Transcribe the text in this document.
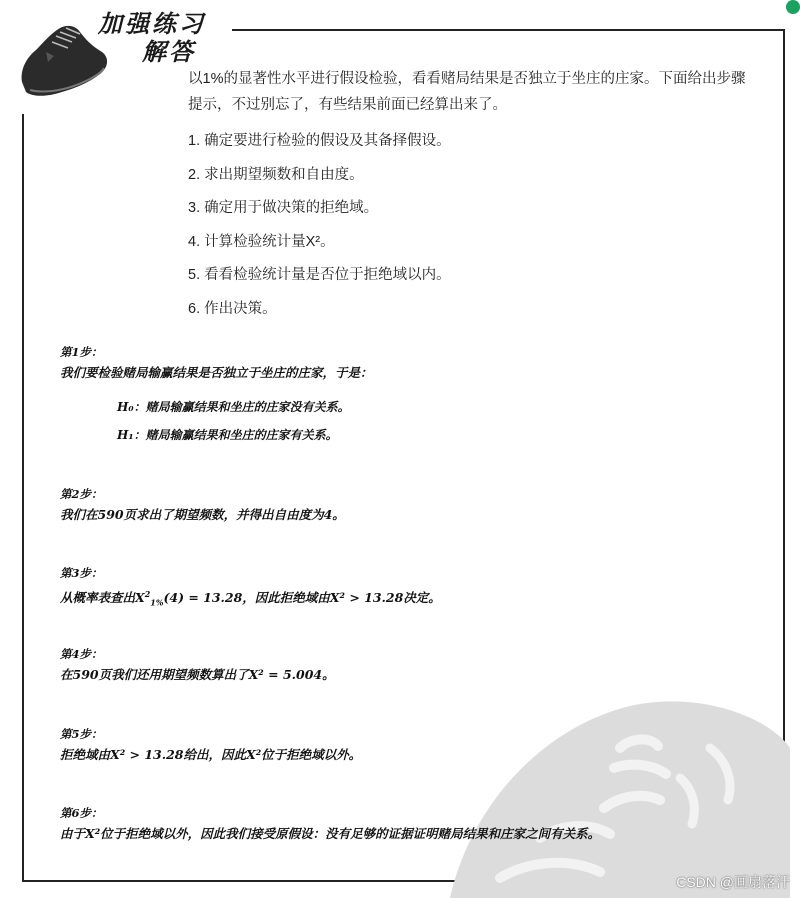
加强练习
解答
以1%的显著性水平进行假设检验，看看赌局结果是否独立于坐庄的庄家。下面给出步骤
提示，不过别忘了，有些结果前面已经算出来了。
1. 确定要进行检验的假设及其备择假设。
2. 求出期望频数和自由度。
3. 确定用于做决策的拒绝域。
4. 计算检验统计量Χ²。
5. 看看检验统计量是否位于拒绝域以内。
6. 作出决策。
第1步：
我们要检验赌局输赢结果是否独立于坐庄的庄家，于是：
H₀：赌局输赢结果和坐庄的庄家没有关系。
H₁：赌局输赢结果和坐庄的庄家有关系。
第2步：
我们在590页求出了期望频数，并得出自由度为4。
第3步：
从概率表查出$X^2_{1\%}(4) = 13.28$，因此拒绝域由Χ² > 13.28决定。
第4步：
在590页我们还用期望频数算出了Χ² = 5.004。
第5步：
拒绝域由Χ² > 13.28给出，因此Χ²位于拒绝域以外。
第6步：
由于Χ²位于拒绝域以外，因此我们接受原假设：没有足够的证据证明赌局结果和庄家之间有关系。
CSDN @画扇落汗
